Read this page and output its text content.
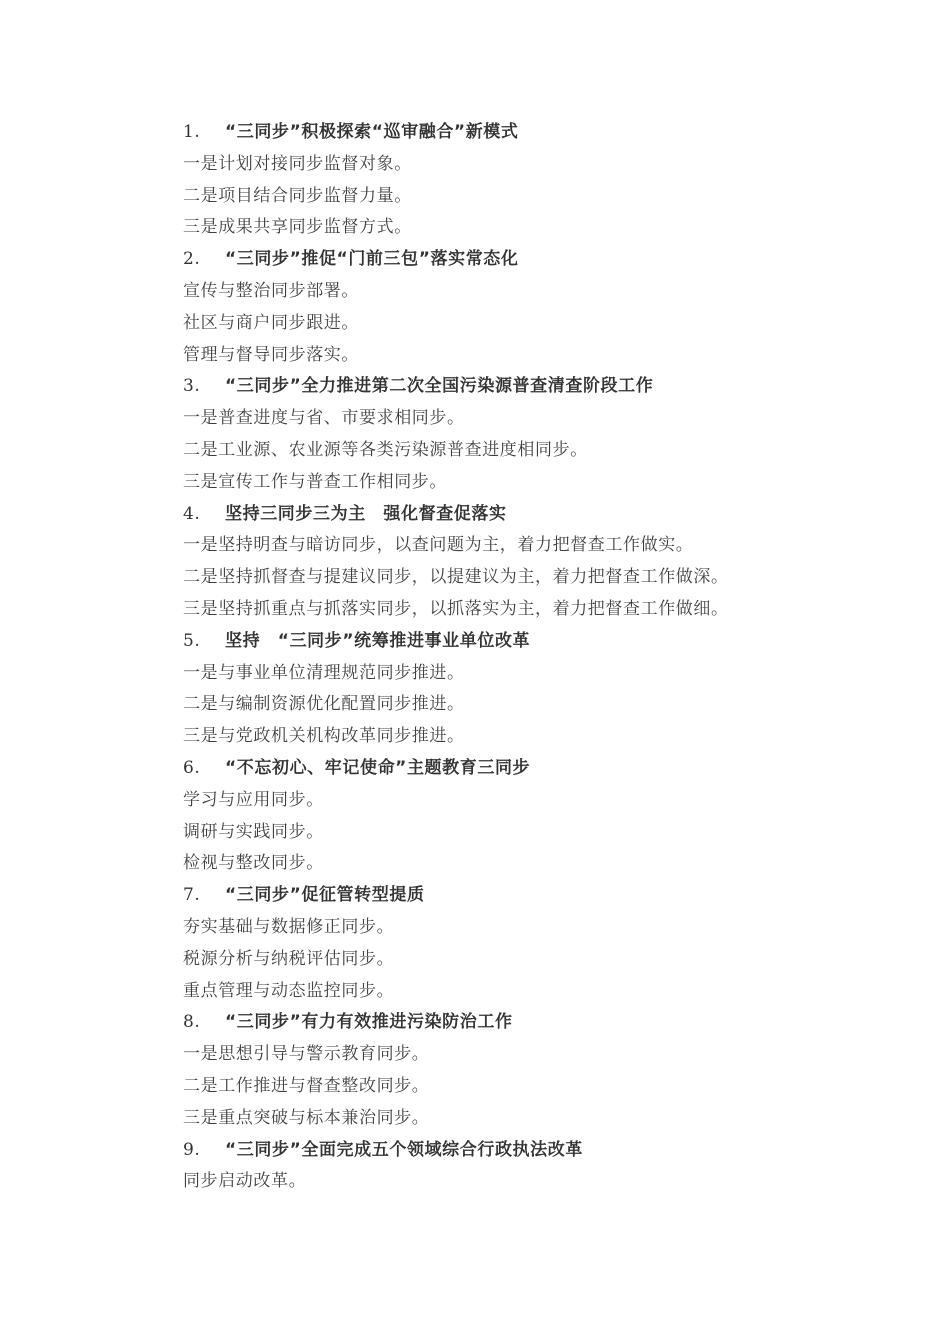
1. “三同步”积极探索“巡审融合”新模式
一是计划对接同步监督对象。
二是项目结合同步监督力量。
三是成果共享同步监督方式。
2. “三同步”推促“门前三包”落实常态化
宣传与整治同步部署。
社区与商户同步跟进。
管理与督导同步落实。
3. “三同步”全力推进第二次全国污染源普查清查阶段工作
一是普查进度与省、市要求相同步。
二是工业源、农业源等各类污染源普查进度相同步。
三是宣传工作与普查工作相同步。
4. 坚持三同步三为主　强化督查促落实
一是坚持明查与暗访同步，以查问题为主，着力把督查工作做实。
二是坚持抓督查与提建议同步，以提建议为主，着力把督查工作做深。
三是坚持抓重点与抓落实同步，以抓落实为主，着力把督查工作做细。
5. 坚持　“三同步”统筹推进事业单位改革
一是与事业单位清理规范同步推进。
二是与编制资源优化配置同步推进。
三是与党政机关机构改革同步推进。
6. “不忘初心、牢记使命”主题教育三同步
学习与应用同步。
调研与实践同步。
检视与整改同步。
7. “三同步”促征管转型提质
夯实基础与数据修正同步。
税源分析与纳税评估同步。
重点管理与动态监控同步。
8. “三同步”有力有效推进污染防治工作
一是思想引导与警示教育同步。
二是工作推进与督查整改同步。
三是重点突破与标本兼治同步。
9. “三同步”全面完成五个领域综合行政执法改革
同步启动改革。
